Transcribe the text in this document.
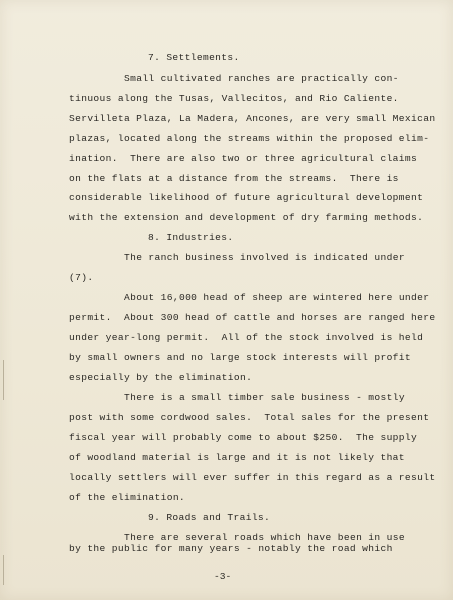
7. Settlements.
Small cultivated ranches are practically con-
tinuous along the Tusas, Vallecitos, and Rio Caliente.
Servilleta Plaza, La Madera, Ancones, are very small Mexican
plazas, located along the streams within the proposed elim-
ination.  There are also two or three agricultural claims
on the flats at a distance from the streams.  There is
considerable likelihood of future agricultural development
with the extension and development of dry farming methods.
8. Industries.
The ranch business involved is indicated under
(7).
About 16,000 head of sheep are wintered here under
permit.  About 300 head of cattle and horses are ranged here
under year-long permit.  All of the stock involved is held
by small owners and no large stock interests will profit
especially by the elimination.
There is a small timber sale business - mostly
post with some cordwood sales.  Total sales for the present
fiscal year will probably come to about $250.  The supply
of woodland material is large and it is not likely that
locally settlers will ever suffer in this regard as a result
of the elimination.
9. Roads and Trails.
There are several roads which have been in use
by the public for many years - notably the road which
-3-
